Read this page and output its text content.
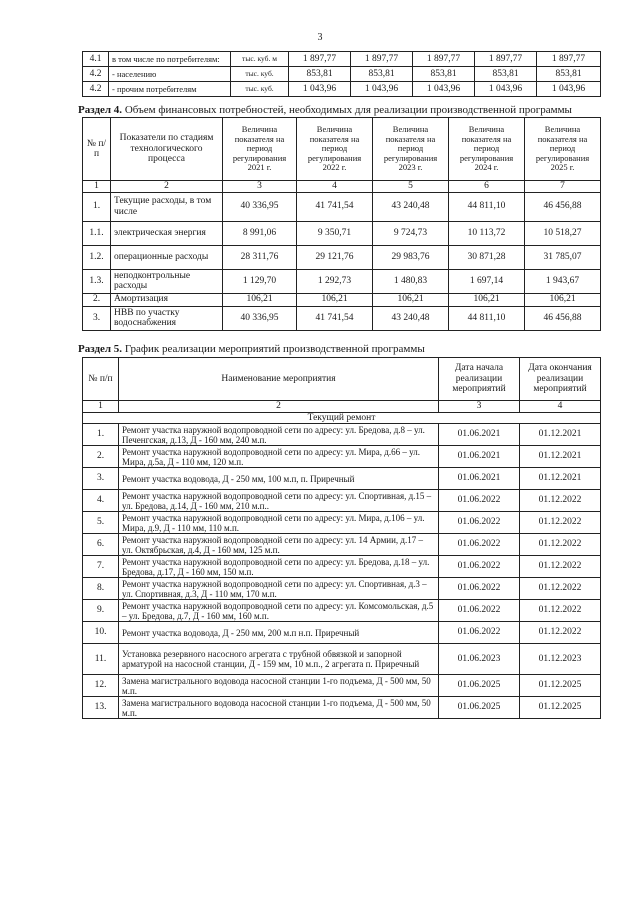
3
4.1	в том числе по потребителям:	тыс. куб. м	1 897,77	1 897,77	1 897,77	1 897,77	1 897,77
4.2	- населению	тыс. куб.	853,81	853,81	853,81	853,81	853,81
4.2	- прочим потребителям	тыс. куб.	1 043,96	1 043,96	1 043,96	1 043,96	1 043,96
Раздел 4. Объем финансовых потребностей, необходимых для реализации производственной программы
№ п/п	Показатели по стадиям технологического процесса	Величина показателя на период регулирования 2021 г.	Величина показателя на период регулирования 2022 г.	Величина показателя на период регулирования 2023 г.	Величина показателя на период регулирования 2024 г.	Величина показателя на период регулирования 2025 г.
1	2	3	4	5	6	7
1.	Текущие расходы, в том числе	40 336,95	41 741,54	43 240,48	44 811,10	46 456,88
1.1.	электрическая энергия	8 991,06	9 350,71	9 724,73	10 113,72	10 518,27
1.2.	операционные расходы	28 311,76	29 121,76	29 983,76	30 871,28	31 785,07
1.3.	неподконтрольные расходы	1 129,70	1 292,73	1 480,83	1 697,14	1 943,67
2.	Амортизация	106,21	106,21	106,21	106,21	106,21
3.	НВВ по участку водоснабжения	40 336,95	41 741,54	43 240,48	44 811,10	46 456,88
Раздел 5. График реализации мероприятий производственной программы
№ п/п	Наименование мероприятия	Дата начала реализации мероприятий	Дата окончания реализации мероприятий
1	2	3	4
Текущий ремонт			
1.	Ремонт участка наружной водопроводной сети по адресу: ул. Бредова, д.8 – ул. Печенгская, д.13, Д - 160 мм, 240 м.п.	01.06.2021	01.12.2021
2.	Ремонт участка наружной водопроводной сети по адресу: ул. Мира, д.66 – ул. Мира, д.5а, Д - 110 мм, 120 м.п.	01.06.2021	01.12.2021
3.	Ремонт участка водовода, Д - 250 мм, 100 м.п, п. Приречный	01.06.2021	01.12.2021
4.	Ремонт участка наружной водопроводной сети по адресу: ул. Спортивная, д.15 – ул. Бредова, д.14, Д - 160 мм, 210 м.п..	01.06.2022	01.12.2022
5.	Ремонт участка наружной водопроводной сети по адресу: ул. Мира, д.106 – ул. Мира, д.9, Д - 110 мм, 110 м.п.	01.06.2022	01.12.2022
6.	Ремонт участка наружной водопроводной сети по адресу: ул. 14 Армии, д.17 – ул. Октябрьская, д.4, Д - 160 мм, 125 м.п.	01.06.2022	01.12.2022
7.	Ремонт участка наружной водопроводной сети по адресу: ул. Бредова, д.18 – ул. Бредова, д.17, Д - 160 мм, 150 м.п.	01.06.2022	01.12.2022
8.	Ремонт участка наружной водопроводной сети по адресу: ул. Спортивная, д.3 – ул. Спортивная, д.3, Д - 110 мм, 170 м.п.	01.06.2022	01.12.2022
9.	Ремонт участка наружной водопроводной сети по адресу: ул. Комсомольская, д.5 – ул. Бредова, д.7, Д - 160 мм, 160 м.п.	01.06.2022	01.12.2022
10.	Ремонт участка водовода, Д - 250 мм, 200 м.п н.п. Приречный	01.06.2022	01.12.2022
11.	Установка резервного насосного агрегата с трубной обвязкой и запорной арматурой на насосной станции, Д - 159 мм, 10 м.п., 2 агрегата п. Приречный	01.06.2023	01.12.2023
12.	Замена магистрального водовода насосной станции 1-го подъема, Д - 500 мм, 50 м.п.	01.06.2025	01.12.2025
13.	Замена магистрального водовода насосной станции 1-го подъема, Д - 500 мм, 50 м.п.	01.06.2025	01.12.2025
